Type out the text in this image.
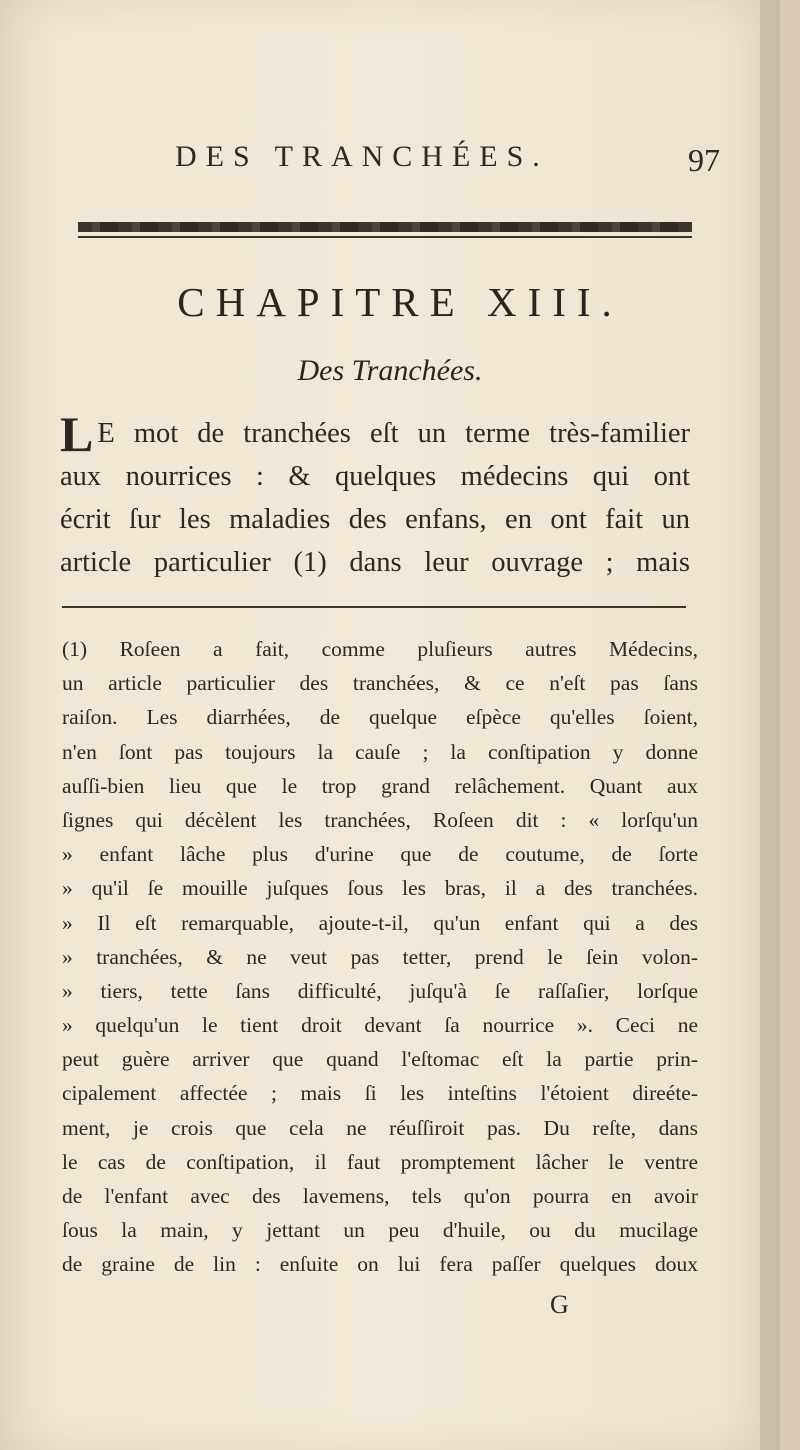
DES TRANCHÉES.	97
CHAPITRE XIII.
Des Tranchées.
L E mot de tranchées eſt un terme très-familier
aux nourrices : & quelques médecins qui ont
écrit ſur les maladies des enfans, en ont fait un
article particulier (1) dans leur ouvrage ; mais
(1) Roſeen a fait, comme pluſieurs autres Médecins,
un article particulier des tranchées, & ce n'eſt pas ſans
raiſon. Les diarrhées, de quelque eſpèce qu'elles ſoient,
n'en ſont pas toujours la cauſe ; la conſtipation y donne
auſſi-bien lieu que le trop grand relâchement. Quant aux
ſignes qui décèlent les tranchées, Roſeen dit : « lorſqu'un
» enfant lâche plus d'urine que de coutume, de ſorte
» qu'il ſe mouille juſques ſous les bras, il a des tranchées.
» Il eſt remarquable, ajoute-t-il, qu'un enfant qui a des
» tranchées, & ne veut pas tetter, prend le ſein volon-
» tiers, tette ſans difficulté, juſqu'à ſe raſſaſier, lorſque
» quelqu'un le tient droit devant ſa nourrice ». Ceci ne
peut guère arriver que quand l'eſtomac eſt la partie prin-
cipalement affectée ; mais ſi les inteſtins l'étoient direéte-
ment, je crois que cela ne réuſſiroit pas. Du reſte, dans
le cas de conſtipation, il faut promptement lâcher le ventre
de l'enfant avec des lavemens, tels qu'on pourra en avoir
ſous la main, y jettant un peu d'huile, ou du mucilage
de graine de lin : enſuite on lui fera paſſer quelques doux
G
